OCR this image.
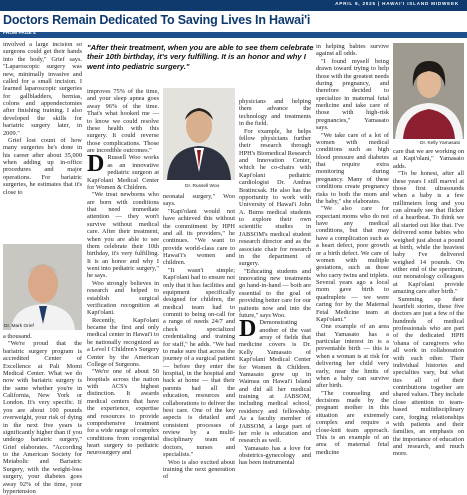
APRIL 9, 2025 | HAWAI'I ISLAND MIDWEEK
Doctors Remain Dedicated To Saving Lives In Hawai'i
FROM PAGE 4

involved a large incision so surgeons could get their hands into the body," Grief says. "Laparoscopic surgery was new, minimally invasive and called for a small incision. I learned laparoscopic surgeries for gallbladders, hernias, colons and appendectomies after finishing training. I also developed the skills for bariatric surgery later, in 2009."

Grief lost count of how many surgeries he's done in his career after about 35,000 when adding up in-office procedures and major operations. For bariatric surgeries, he estimates that it's close to

Dr. Mark Grief

a thousand.

"We're proud that the bariatric surgery program is accredited Center of Excellence at Pali Momi Medical Center. What we do now with bariatric surgery is the same whether you're in California, New York or London. It's very specific. If you are about 100 pounds overweight, your risk of dying in the next five years is significantly higher than if you undergo bariatric surgery," Grief elaborates. "According to the American Society for Metabolic and Bariatric Surgery, with the weight-loss surgery, your diabetes goes away 92% of the time, your hypertension

"After their treatment, when you are able to see them celebrate their 10th birthday, it's very fulfilling. It is an honor and why I went into pediatric surgery."

improves 75% of the time, and your sleep apnea goes away 96% of the time. That's what hooked me — to know we could resolve these health with this surgery. It could reverse those complications. Those are incredible outcomes."

D Russell Woo works as an innovative pediatric surgeon at Kapi'olani Medical Center for Women & Children.

"We treat newborns who are born with conditions that need immediate attention — they won't survive without medical care. After their treatment, when you are able to see them celebrate their 10th birthday, it's very fulfilling. It is an honor and why I went into pediatric surgery," he says.

Woo strongly believes in research and helped to establish surgical verification recognition at Kapi'olani.

Recently, Kapi'olani became the first and only medical center in Hawai'i to be nationally recognized as a Level I Children's Surgery Center by the American College of Surgeons.

"We're one of about 50 hospitals across the nation with ACS's highest distinction. It awards medical centers that have the experience, expertise and resources to provide comprehensive treatment for a wide range of complex conditions from congenital heart surgery to pediatric neurosurgery and

Dr. Russell Woo

neonatal surgery," Woo says.

"Kapi'olani would not have achieved this without the commitment by HPH and all its providers," he continues. "We want to provide world-class care to Hawai'i's women and children.

"It wasn't simple; Kapi'olani had to ensure not only that it has facilities and equipment specifically designed for children, the medical team had to commit to being on-call for a range of needs 24/7 and check specialized credentialing and training for staff," he adds. "We had to make sure that across the journey of a surgical patient — before they enter the hospital, in the hospital and back at home — that their parents had all the education, resources and collaborations to deliver the best care. One of the key aspects is detailed and consistent processes of review by a multi-disciplinary team of doctors, nurses and specialists."

Woo is also excited about training the next generation of

physicians and helping them advance the technology and treatments in the field.

For example, he helps fellow physicians further their research through HPH's Biomedical Research and Innovation Center, which he co-chairs with Kapi'olani pediatric cardiologist Dr. Andras Bratincsak. He also has the opportunity to work with University of Hawai'i John A. Burns medical students to explore their own scientific studies in JABSOM's medical student research director and as the associate chair for research in the department of surgery.

"Educating students and innovating new treatments go hand-in-hand — both are essential to the goal of providing better care for our patients now and into the future," says Woo.

D Demonstrating another of the vast array of fields that medicine covers is Dr. Kelly Yamasato of Kapi'olani Medical Center for Women & Children. Yamasato grew up in Waimea on Hawai'i Island and did all her medical training at JABSOM, including medical school, residency and fellowship. As a faculty member of JABSOM, a large part of her role is education and research as well.

Yamasato has a love for obstetrics-gynecology and has been instrumental

in helping babies survive against all odds.

"I found myself being drawn toward trying to help those with the greatest needs during pregnancy, and therefore decided to specialize in maternal fetal medicine and take care of those with high-risk pregnancies," Yamasato says.

"We take care of a lot of women with medical conditions such as high blood pressure and diabetes that require extra monitoring during pregnancy. Many of these conditions create pregnancy risks to both the mom and the baby," she elaborates.

"We also care for expectant moms who do not have any medical conditions, but that may have a complication such as a heart defect, poor growth or a birth defect. We care of women with multiple gestations, such as those who carry twins and triplets. Several years ago a local mom gave birth to quadruplets — we were caring for by the Maternal Fetal Medicine team at Kapi'olani."

One example of an area that Yamasato has a particular interest in is a preventable birth — this is when a woman is at risk for delivering her child very early, near the limits of when a baby can survive after birth.

"The counseling and decisions made by the pregnant mother in this situation are extremely complex and require a close-knit team approach. This is an example of an area of maternal fetal medicine

Dr. Kelly Yamasato

care that we are working on at Kapi'olani," Yamasato adds.

"To be honest, after all these years I still marvel at those first ultrasounds when a baby is a few millimeters long and you can already see that flicker of a heartbeat. To think we all started out like that. I've delivered some babies who weighed just about a pound at birth, while the heaviest baby I've delivered weighed 14 pounds. On either end of the spectrum, our neonatology colleagues at Kapi'olani provide amazing care after birth."

Summing up their heartfelt stories, these five doctors are just a few of the hundreds of medical professionals who are part of the dedicated HPH 'ohana of caregivers who all work in collaboration with each other. Their individual histories and specialties vary, but what ties all of their contributions together are shared values. They include close attention to team-based multidisciplinary care, forging relationships with patients and their families, an emphasis on the importance of education and research, and much more.
